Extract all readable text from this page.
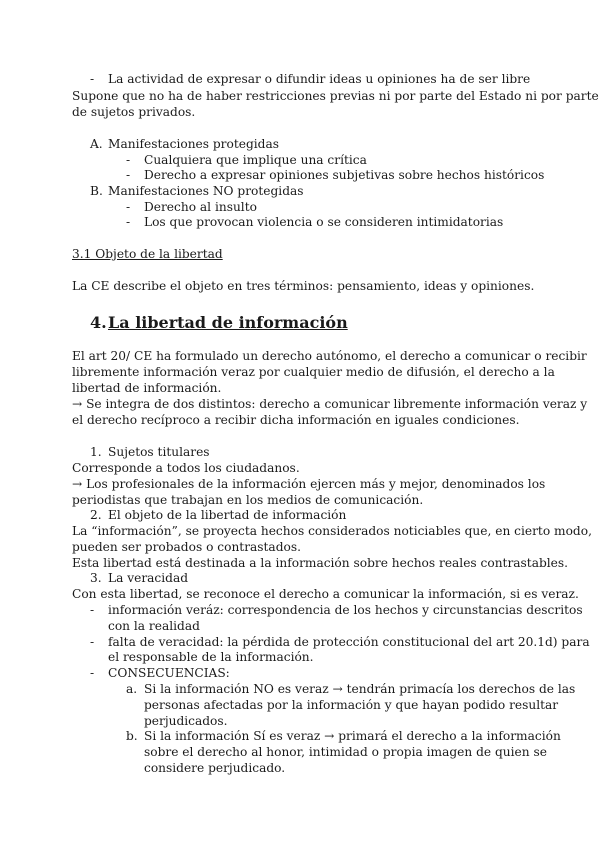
- La actividad de expresar o difundir ideas u opiniones ha de ser libre
Supone que no ha de haber restricciones previas ni por parte del Estado ni por parte
de sujetos privados.
A. Manifestaciones protegidas
- Cualquiera que implique una crítica
- Derecho a expresar opiniones subjetivas sobre hechos históricos
B. Manifestaciones NO protegidas
- Derecho al insulto
- Los que provocan violencia o se consideren intimidatorias
3.1 Objeto de la libertad
La CE describe el objeto en tres términos: pensamiento, ideas y opiniones.
4. La libertad de información
El art 20/ CE ha formulado un derecho autónomo, el derecho a comunicar o recibir
libremente información veraz por cualquier medio de difusión, el derecho a la
libertad de información.
→ Se integra de dos distintos: derecho a comunicar libremente información veraz y
el derecho recíproco a recibir dicha información en iguales condiciones.
1. Sujetos titulares
Corresponde a todos los ciudadanos.
→ Los profesionales de la información ejercen más y mejor, denominados los
periodistas que trabajan en los medios de comunicación.
2. El objeto de la libertad de información
La “información”, se proyecta hechos considerados noticiables que, en cierto modo,
pueden ser probados o contrastados.
Esta libertad está destinada a la información sobre hechos reales contrastables.
3. La veracidad
Con esta libertad, se reconoce el derecho a comunicar la información, si es veraz.
- información veráz: correspondencia de los hechos y circunstancias descritos
con la realidad
- falta de veracidad: la pérdida de protección constitucional del art 20.1d) para
el responsable de la información.
- CONSECUENCIAS:
a. Si la información NO es veraz → tendrán primacía los derechos de las
personas afectadas por la información y que hayan podido resultar
perjudicados.
b. Si la información Sí es veraz → primará el derecho a la información
sobre el derecho al honor, intimidad o propia imagen de quien se
considere perjudicado.
